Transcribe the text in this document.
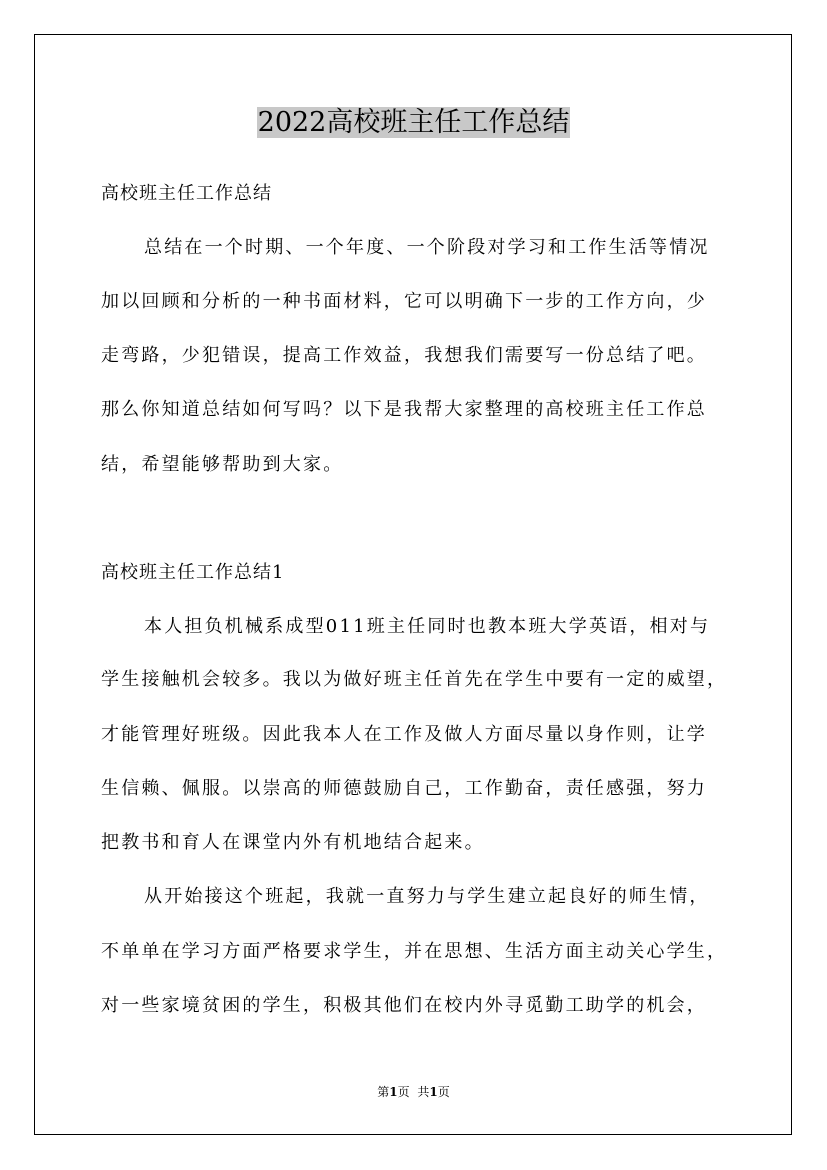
2022高校班主任工作总结
高校班主任工作总结
总结在一个时期、一个年度、一个阶段对学习和工作生活等情况
加以回顾和分析的一种书面材料，它可以明确下一步的工作方向，少
走弯路，少犯错误，提高工作效益，我想我们需要写一份总结了吧。
那么你知道总结如何写吗？以下是我帮大家整理的高校班主任工作总
结，希望能够帮助到大家。
高校班主任工作总结1
本人担负机械系成型011班主任同时也教本班大学英语，相对与
学生接触机会较多。我以为做好班主任首先在学生中要有一定的威望，
才能管理好班级。因此我本人在工作及做人方面尽量以身作则，让学
生信赖、佩服。以崇高的师德鼓励自己，工作勤奋，责任感强，努力
把教书和育人在课堂内外有机地结合起来。
从开始接这个班起，我就一直努力与学生建立起良好的师生情，
不单单在学习方面严格要求学生，并在思想、生活方面主动关心学生，
对一些家境贫困的学生，积极其他们在校内外寻觅勤工助学的机会，
第1页 共1页
